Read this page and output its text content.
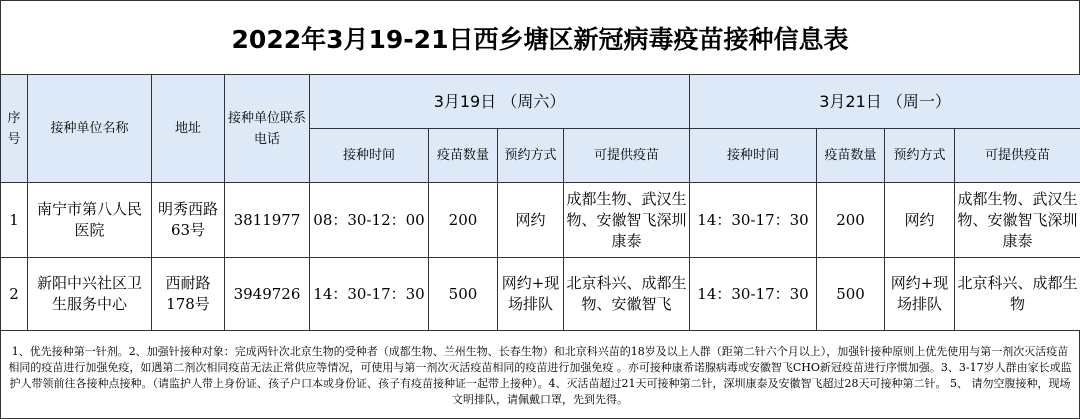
2022年3月19-21日西乡塘区新冠病毒疫苗接种信息表
序号	接种单位名称	地址	接种单位联系电话	3月19日 （周六）				3月21日 （周一）			
				接种时间	疫苗数量	预约方式	可提供疫苗	接种时间	疫苗数量	预约方式	可提供疫苗
1	南宁市第八人民医院	明秀西路63号	3811977	08：30-12：00	200	网约	成都生物、武汉生物、安徽智飞深圳康泰	14：30-17：30	200	网约	成都生物、武汉生物、安徽智飞深圳康泰
2	新阳中兴社区卫生服务中心	西耐路178号	3949726	14：30-17：30	500	网约+现场排队	北京科兴、成都生物、安徽智飞	14：30-17：30	500	网约+现场排队	北京科兴、成都生物
1、优先接种第一针剂。2、加强针接种对象：完成两针次北京生物的受种者（成都生物、兰州生物、长春生物）和北京科兴苗的18岁及以上人群（距第二针六个月以上），加强针接种原则上优先使用与第一剂次灭活疫苗相同的疫苗进行加强免疫，如遇第二剂次相同疫苗无法正常供应等情况，可使用与第一剂次灭活疫苗相同的疫苗进行加强免疫 。亦可接种康希诺腺病毒或安徽智飞CHO新冠疫苗进行序惯加强。3、3-17岁人群由家长或监护人带领前往各接种点接种。（请监护人带上身份证、孩子户口本或身份证、孩子有疫苗接种证一起带上接种）。4、灭活苗超过21天可接种第二针，深圳康泰及安徽智飞超过28天可接种第二针。 5、 请勿空腹接种，现场文明排队，请佩戴口罩，先到先得。
